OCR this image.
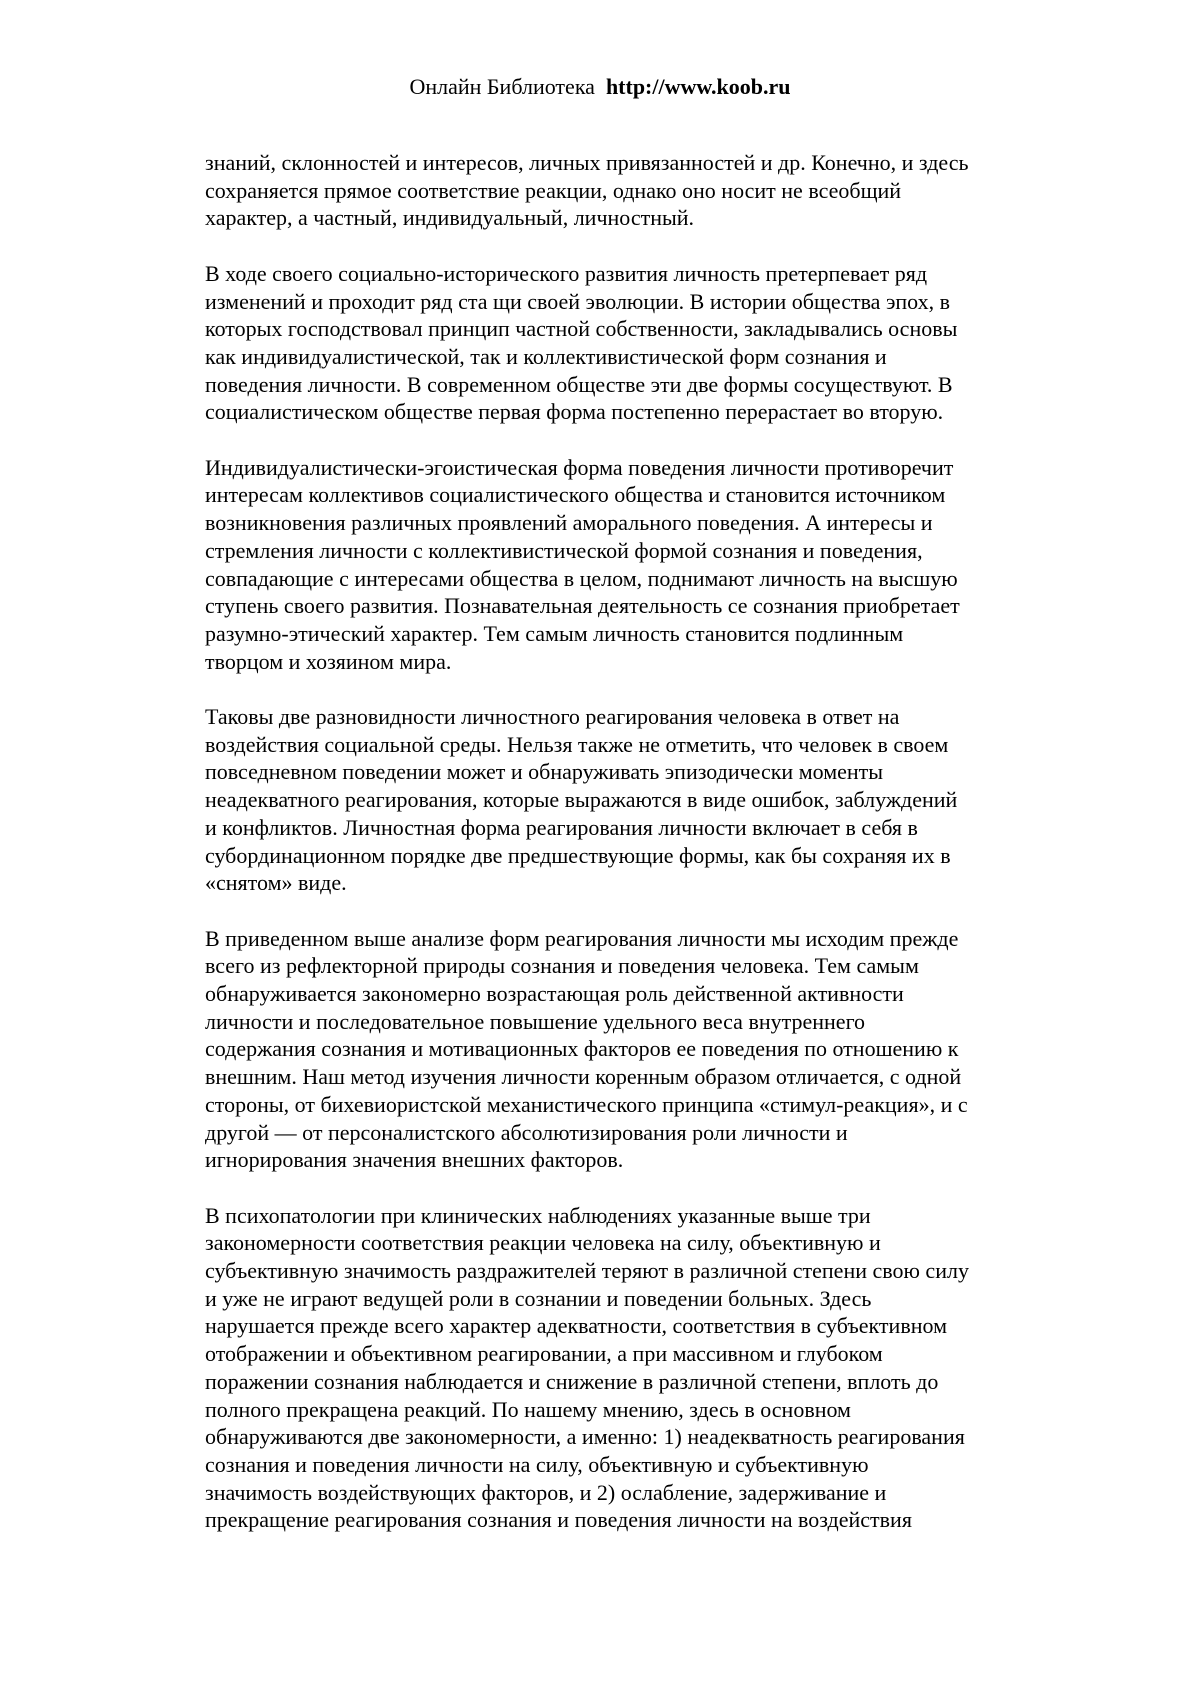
Онлайн Библиотека http://www.koob.ru
знаний, склонностей и интересов, личных привязанностей и др. Конечно, и здесь
сохраняется прямое соответствие реакции, однако оно носит не всеобщий
характер, а частный, индивидуальный, личностный.
В ходе своего социально-исторического развития личность претерпевает ряд
изменений и проходит ряд ста щи своей эволюции. В истории общества эпох, в
которых господствовал принцип частной собственности, закладывались основы
как индивидуалистической, так и коллективистической форм сознания и
поведения личности. В современном обществе эти две формы сосуществуют. В
социалистическом обществе первая форма постепенно перерастает во вторую.
Индивидуалистически-эгоистическая форма поведения личности противоречит
интересам коллективов социалистического общества и становится источником
возникновения различных проявлений аморального поведения. А интересы и
стремления личности с коллективистической формой сознания и поведения,
совпадающие с интересами общества в целом, поднимают личность на высшую
ступень своего развития. Познавательная деятельность се сознания приобретает
разумно-этический характер. Тем самым личность становится подлинным
творцом и хозяином мира.
Таковы две разновидности личностного реагирования человека в ответ на
воздействия социальной среды. Нельзя также не отметить, что человек в своем
повседневном поведении может и обнаруживать эпизодически моменты
неадекватного реагирования, которые выражаются в виде ошибок, заблуждений
и конфликтов. Личностная форма реагирования личности включает в себя в
субординационном порядке две предшествующие формы, как бы сохраняя их в
«снятом» виде.
В приведенном выше анализе форм реагирования личности мы исходим прежде
всего из рефлекторной природы сознания и поведения человека. Тем самым
обнаруживается закономерно возрастающая роль действенной активности
личности и последовательное повышение удельного веса внутреннего
содержания сознания и мотивационных факторов ее поведения по отношению к
внешним. Наш метод изучения личности коренным образом отличается, с одной
стороны, от бихевиористской механистического принципа «стимул-реакция», и с
другой — от персоналистского абсолютизирования роли личности и
игнорирования значения внешних факторов.
В психопатологии при клинических наблюдениях указанные выше три
закономерности соответствия реакции человека на силу, объективную и
субъективную значимость раздражителей теряют в различной степени свою силу
и уже не играют ведущей роли в сознании и поведении больных. Здесь
нарушается прежде всего характер адекватности, соответствия в субъективном
отображении и объективном реагировании, а при массивном и глубоком
поражении сознания наблюдается и снижение в различной степени, вплоть до
полного прекращена реакций. По нашему мнению, здесь в основном
обнаруживаются две закономерности, а именно: 1) неадекватность реагирования
сознания и поведения личности на силу, объективную и субъективную
значимость воздействующих факторов, и 2) ослабление, задерживание и
прекращение реагирования сознания и поведения личности на воздействия
